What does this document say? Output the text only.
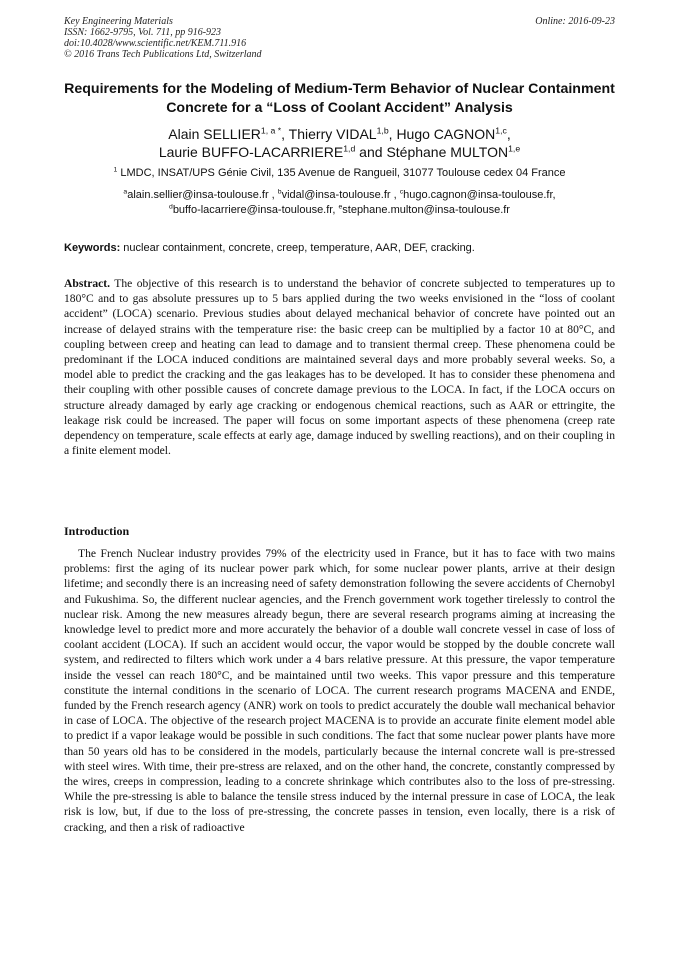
Key Engineering Materials
ISSN: 1662-9795, Vol. 711, pp 916-923
doi:10.4028/www.scientific.net/KEM.711.916
© 2016 Trans Tech Publications Ltd, Switzerland
Online: 2016-09-23
Requirements for the Modeling of Medium-Term Behavior of Nuclear Containment Concrete for a “Loss of Coolant Accident” Analysis
Alain $SELLIER^{1, a *}$, Thierry VIDAL$^{1,b}$, Hugo CAGNON$^{1,c}$,
Laurie BUFFO-LACARRIERE$^{1,d}$ and Stéphane MULTON$^{1,e}$
$^1$ LMDC, INSAT/UPS Génie Civil, 135 Avenue de Rangueil, 31077 Toulouse cedex 04 France
$^a$alain.sellier@insa-toulouse.fr , $^b$vidal@insa-toulouse.fr , $^c$hugo.cagnon@insa-toulouse.fr,
$^d$buffo-lacarriere@insa-toulouse.fr, $^e$stephane.multon@insa-toulouse.fr
Keywords: nuclear containment, concrete, creep, temperature, AAR, DEF, cracking.
Abstract. The objective of this research is to understand the behavior of concrete subjected to temperatures up to 180°C and to gas absolute pressures up to 5 bars applied during the two weeks envisioned in the “loss of coolant accident” (LOCA) scenario. Previous studies about delayed mechanical behavior of concrete have pointed out an increase of delayed strains with the temperature rise: the basic creep can be multiplied by a factor 10 at 80°C, and coupling between creep and heating can lead to damage and to transient thermal creep. These phenomena could be predominant if the LOCA induced conditions are maintained several days and more probably several weeks. So, a model able to predict the cracking and the gas leakages has to be developed. It has to consider these phenomena and their coupling with other possible causes of concrete damage previous to the LOCA. In fact, if the LOCA occurs on structure already damaged by early age cracking or endogenous chemical reactions, such as AAR or ettringite, the leakage risk could be increased. The paper will focus on some important aspects of these phenomena (creep rate dependency on temperature, scale effects at early age, damage induced by swelling reactions), and on their coupling in a finite element model.
Introduction
The French Nuclear industry provides 79% of the electricity used in France, but it has to face with two mains problems: first the aging of its nuclear power park which, for some nuclear power plants, arrive at their design lifetime; and secondly there is an increasing need of safety demonstration following the severe accidents of Chernobyl and Fukushima. So, the different nuclear agencies, and the French government work together tirelessly to control the nuclear risk. Among the new measures already begun, there are several research programs aiming at increasing the knowledge level to predict more and more accurately the behavior of a double wall concrete vessel in case of loss of coolant accident (LOCA). If such an accident would occur, the vapor would be stopped by the double concrete wall system, and redirected to filters which work under a 4 bars relative pressure. At this pressure, the vapor temperature inside the vessel can reach 180°C, and be maintained until two weeks. This vapor pressure and this temperature constitute the internal conditions in the scenario of LOCA. The current research programs MACENA and ENDE, funded by the French research agency (ANR) work on tools to predict accurately the double wall mechanical behavior in case of LOCA. The objective of the research project MACENA is to provide an accurate finite element model able to predict if a vapor leakage would be possible in such conditions. The fact that some nuclear power plants have more than 50 years old has to be considered in the models, particularly because the internal concrete wall is pre-stressed with steel wires. With time, their pre-stress are relaxed, and on the other hand, the concrete, constantly compressed by the wires, creeps in compression, leading to a concrete shrinkage which contributes also to the loss of pre-stressing. While the pre-stressing is able to balance the tensile stress induced by the internal pressure in case of LOCA, the leak risk is low, but, if due to the loss of pre-stressing, the concrete passes in tension, even locally, there is a risk of cracking, and then a risk of radioactive
